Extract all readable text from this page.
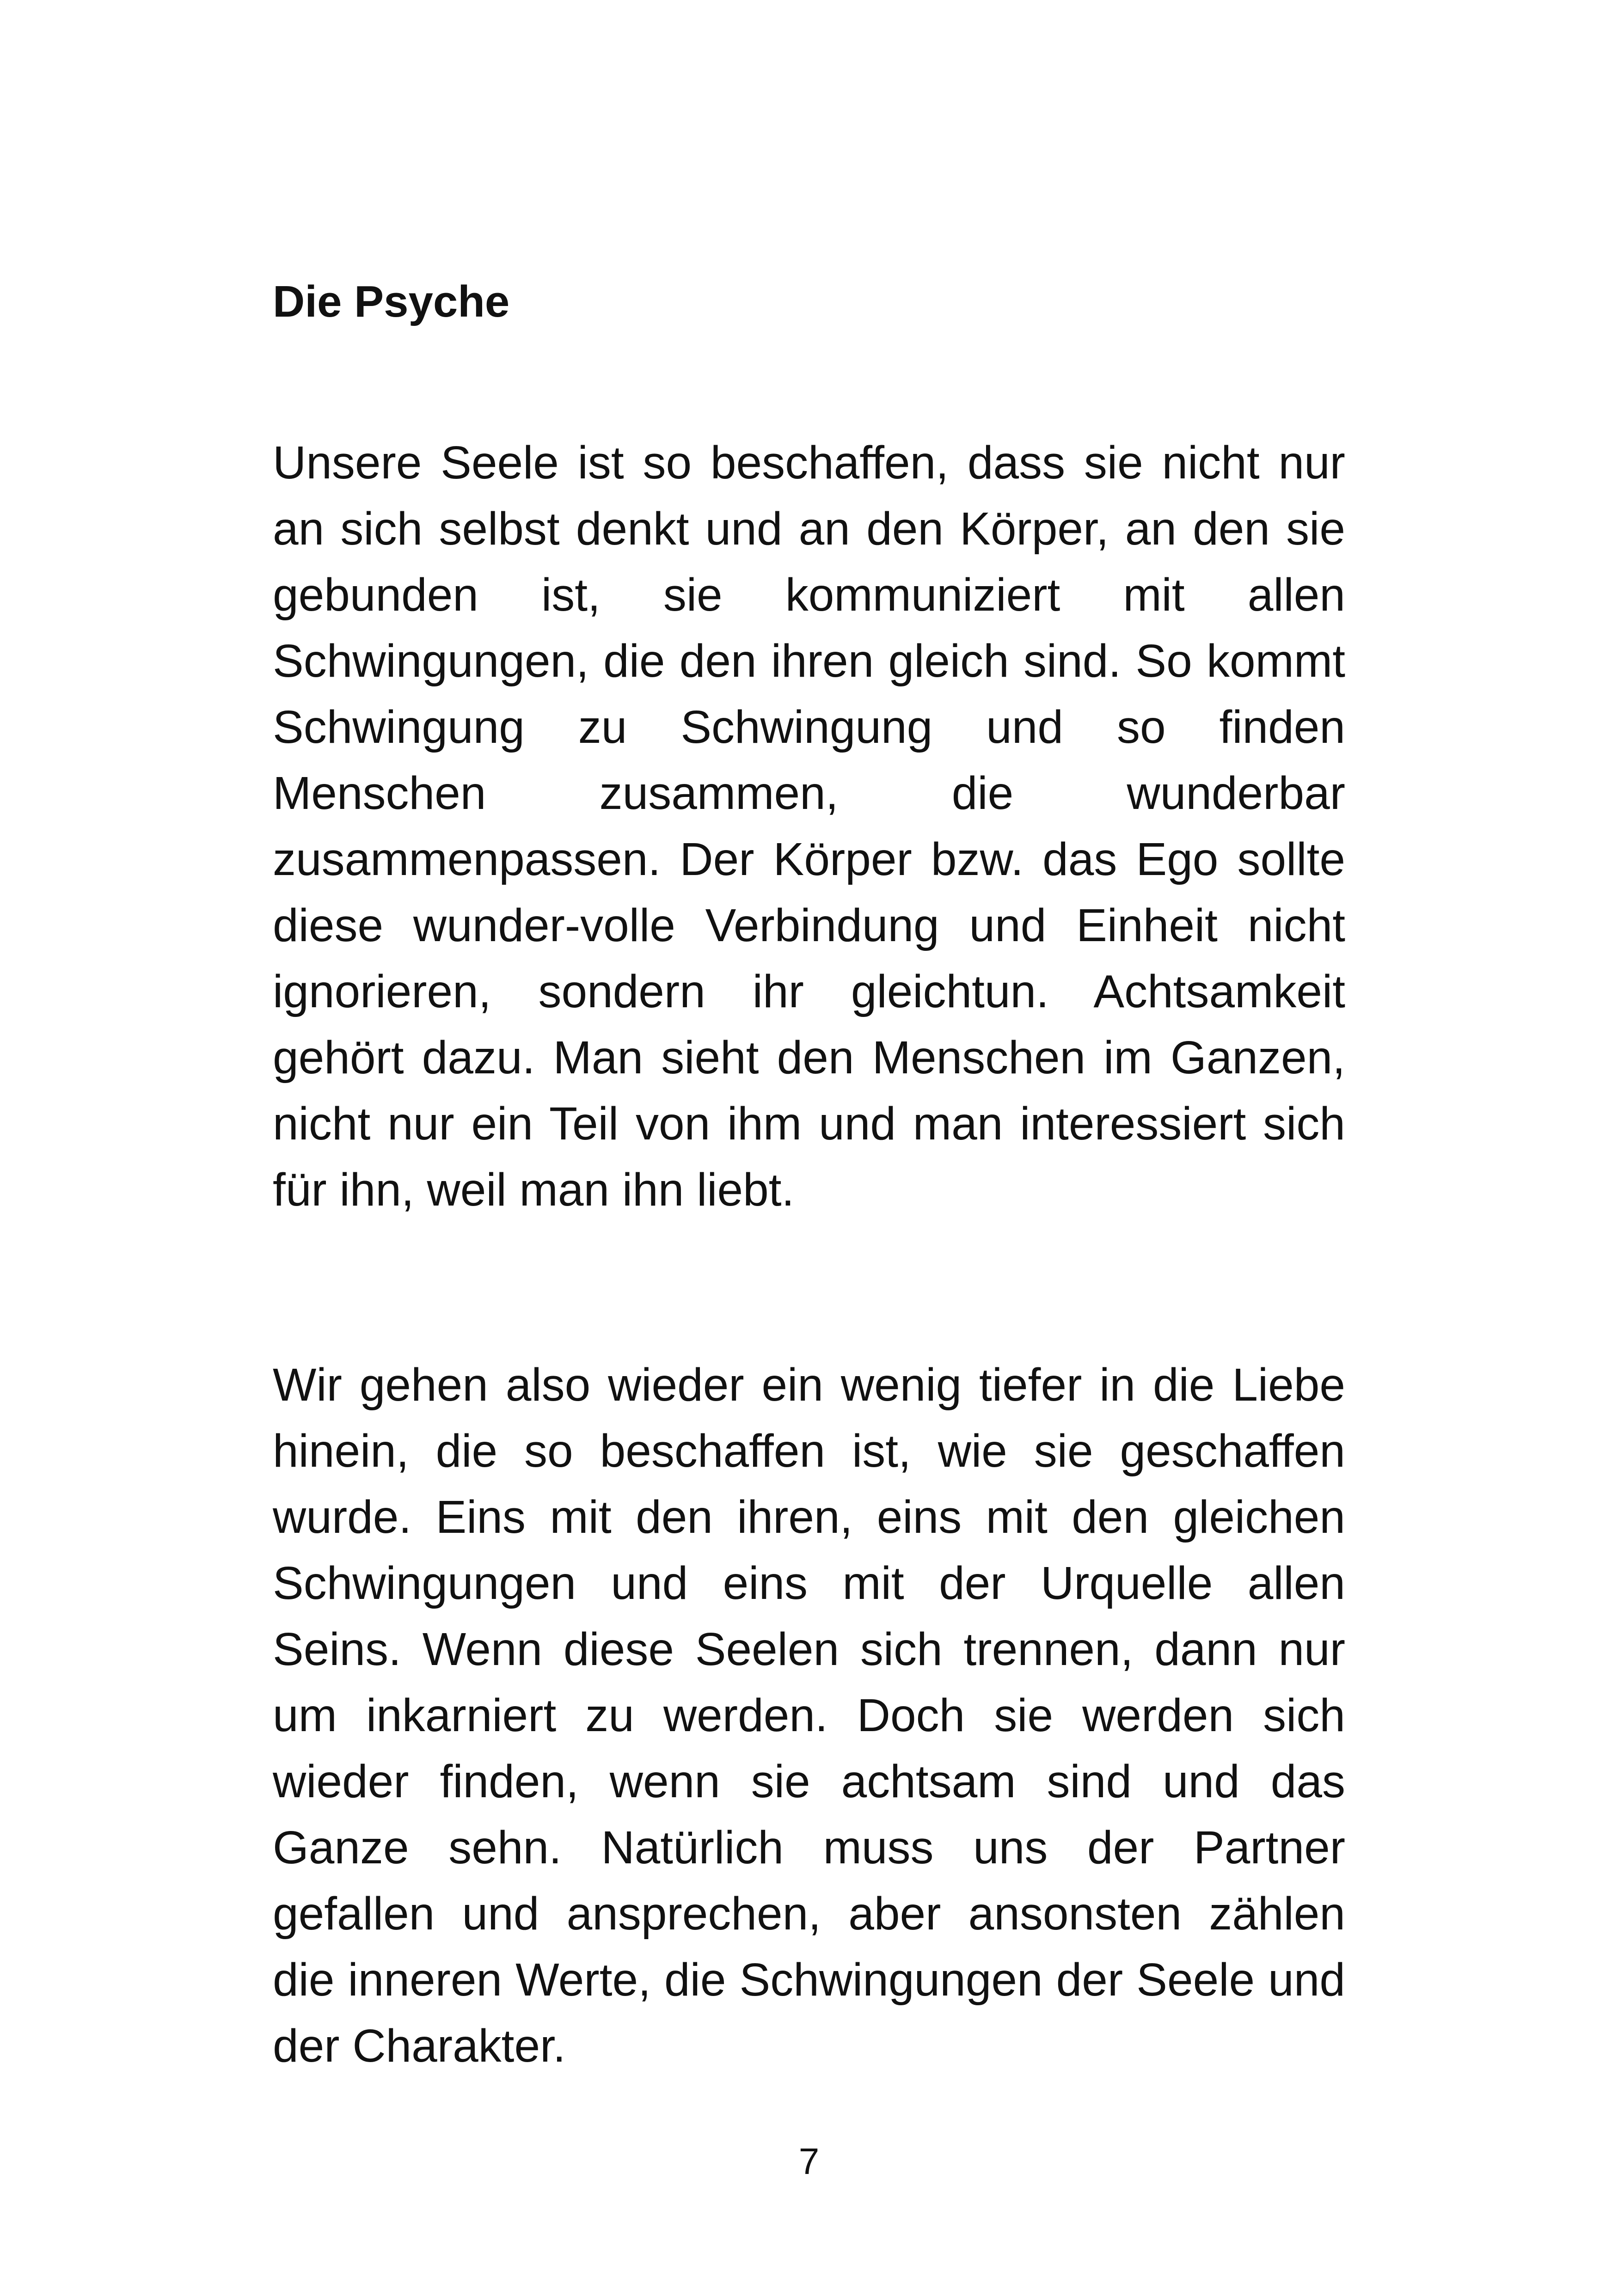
Die Psyche

Unsere Seele ist so beschaffen, dass sie nicht nur an sich selbst denkt und an den Körper, an den sie gebunden ist, sie kommuniziert mit allen Schwingungen, die den ihren gleich sind. So kommt Schwingung zu Schwingung und so finden Menschen zusammen, die wunderbar zusammenpassen. Der Körper bzw. das Ego sollte diese wunder-volle Verbindung und Einheit nicht ignorieren, sondern ihr gleichtun. Achtsamkeit gehört dazu. Man sieht den Menschen im Ganzen, nicht nur ein Teil von ihm und man interessiert sich für ihn, weil man ihn liebt.

Wir gehen also wieder ein wenig tiefer in die Liebe hinein, die so beschaffen ist, wie sie geschaffen wurde. Eins mit den ihren, eins mit den gleichen Schwingungen und eins mit der Urquelle allen Seins. Wenn diese Seelen sich trennen, dann nur um inkarniert zu werden. Doch sie werden sich wieder finden, wenn sie achtsam sind und das Ganze sehn. Natürlich muss uns der Partner gefallen und ansprechen, aber ansonsten zählen die inneren Werte, die Schwingungen der Seele und der Charakter.

7
